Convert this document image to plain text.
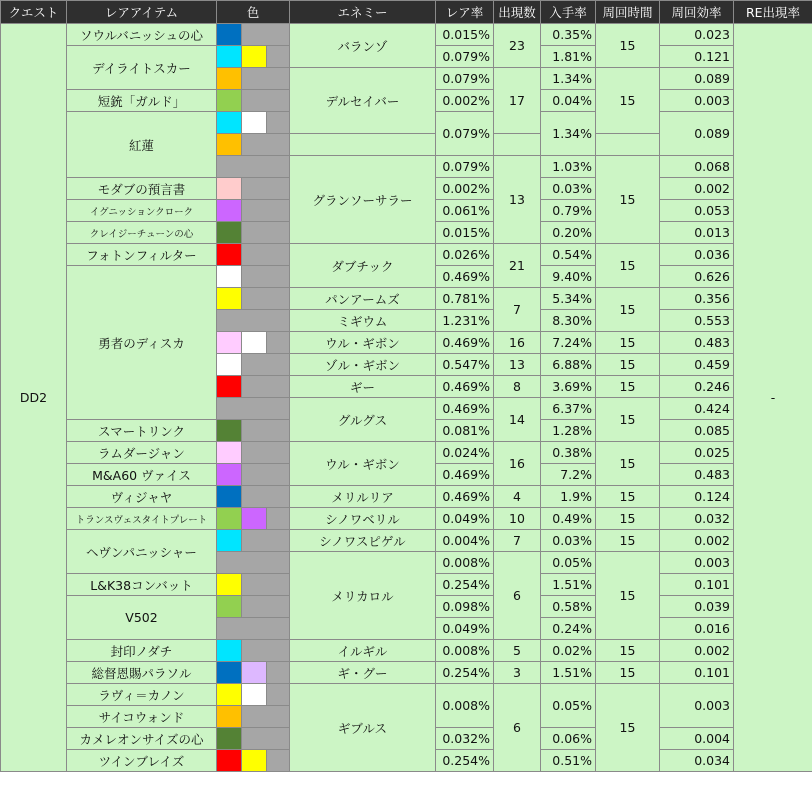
クエスト	レアアイテム	色	エネミー	レア率	出現数	入手率	周回時間	周回効率	RE出現率
DD2	ソウルバニッシュの心		バランゾ	0.015%	23	0.35%	15	0.023	-
	デイライトスカー			0.079%		1.81%		0.121	

			デルセイバー	0.079%	17	1.34%	15	0.089	
	短銃「ガルド」			0.002%		0.04%		0.003	
	紅蓮			0.079%		1.34%		0.089	

			グランソーサラー	0.079%	13	1.03%	15	0.068	
	モダブの預言書			0.002%		0.03%		0.002	
	イグニッションクローク			0.061%		0.79%		0.053	
	クレイジーチューンの心			0.015%		0.20%		0.013	
	フォトンフィルター		ダブチック	0.026%	21	0.54%	15	0.036	
	勇者のディスカ			0.469%		9.40%		0.626	

			パンアームズ	0.781%	7	5.34%	15	0.356	
			ミギウム	1.231%		8.30%		0.553	

			ウル・ギボン	0.469%	16	7.24%	15	0.483	

			ゾル・ギボン	0.547%	13	6.88%	15	0.459	

			ギー	0.469%	8	3.69%	15	0.246	
			グルグス	0.469%	14	6.37%	15	0.424	
	スマートリンク			0.081%		1.28%		0.085	
	ラムダージャン		ウル・ギボン	0.024%	16	0.38%	15	0.025	
	M&A60 ヴァイス			0.469%		7.2%		0.483	
	ヴィジャヤ		メリルリア	0.469%	4	1.9%	15	0.124	
	トランスヴェスタイトプレート		シノワベリル	0.049%	10	0.49%	15	0.032	
	ヘヴンパニッシャー		シノワスピゲル	0.004%	7	0.03%	15	0.002	
			メリカロル	0.008%	6	0.05%	15	0.003	
	L&K38コンバット			0.254%		1.51%		0.101	
	V502			0.098%		0.58%		0.039	
				0.049%		0.24%		0.016	
	封印ノダチ		イルギル	0.008%	5	0.02%	15	0.002	
	総督恩賜パラソル		ギ・グー	0.254%	3	1.51%	15	0.101	
	ラヴィ＝カノン		ギブルス	0.008%	6	0.05%	15	0.003	
	サイコウォンド								

	カメレオンサイズの心			0.032%		0.06%		0.004	
	ツインブレイズ			0.254%		0.51%		0.034	
